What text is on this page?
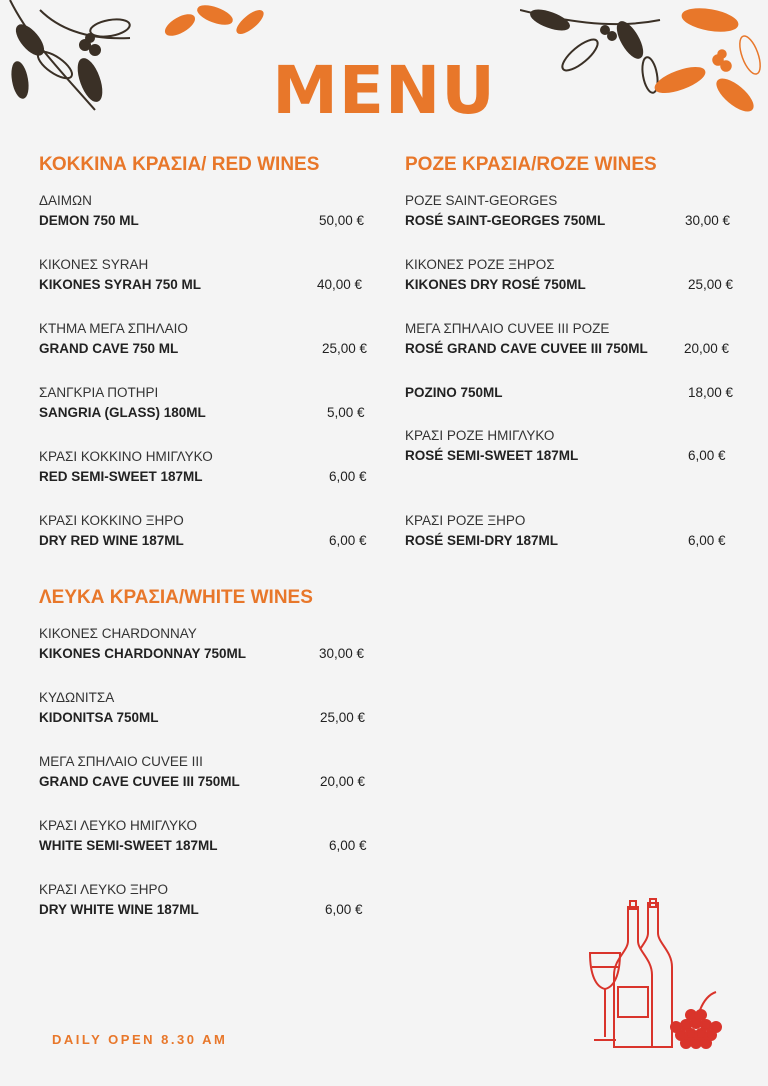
MENU
ΚΟΚΚΙΝΑ ΚΡΑΣΙΑ/ RED WINES	ΡΟΖΕ ΚΡΑΣΙΑ/ROZE WINES
ΛΕΥΚΑ ΚΡΑΣΙΑ/WHITE WINES
ΔΑΙΜΩΝ
DEMON 750 ML	50,00 €
ΚΙΚΟΝΕΣ SYRAH
KIKONES SYRAH 750 ML	40,00 €
ΚΤΗΜΑ ΜΕΓΑ ΣΠΗΛΑΙΟ
GRAND CAVE 750 ML	25,00 €
ΣΑΝΓΚΡΙΑ ΠΟΤΗΡΙ
SANGRIA (GLASS) 180ML	5,00 €
ΚΡΑΣΙ ΚΟΚΚΙΝΟ ΗΜΙΓΛΥΚΟ
RED SEMI-SWEET 187ML	6,00 €
ΚΡΑΣΙ ΚΟΚΚΙΝΟ ΞΗΡΟ
DRY RED WINE 187ML	6,00 €
ΡΟΖΕ SAINT-GEORGES
ROSÉ SAINT-GEORGES 750ML	30,00 €
ΚΙΚΟΝΕΣ ΡΟΖΕ ΞΗΡΟΣ
KIKONES DRY ROSÉ 750ML	25,00 €
ΜΕΓΑ ΣΠΗΛΑΙΟ CUVEE III ΡΟΖΕ
ROSÉ GRAND CAVE CUVEE III 750ML	20,00 €
ΡΟΖΙΝΟ 750ML	18,00 €
ΚΡΑΣΙ ΡΟΖΕ ΗΜΙΓΛΥΚΟ
ROSÉ SEMI-SWEET 187ML	6,00 €
ΚΡΑΣΙ ΡΟΖΕ ΞΗΡΟ
ROSÉ SEMI-DRY 187ML	6,00 €
ΚΙΚΟΝΕΣ CHARDONNAY
KIKONES CHARDONNAY 750ML	30,00 €
ΚΥΔΩΝΙΤΣΑ
KIDONITSA 750ML	25,00 €
ΜΕΓΑ ΣΠΗΛΑΙΟ CUVEE III
GRAND CAVE CUVEE III 750ML	20,00 €
ΚΡΑΣΙ ΛΕΥΚΟ ΗΜΙΓΛΥΚΟ
WHITE SEMI-SWEET 187ML	6,00 €
ΚΡΑΣΙ ΛΕΥΚΟ ΞΗΡΟ
DRY WHITE WINE 187ML	6,00 €
DAILY OPEN 8.30 AM
